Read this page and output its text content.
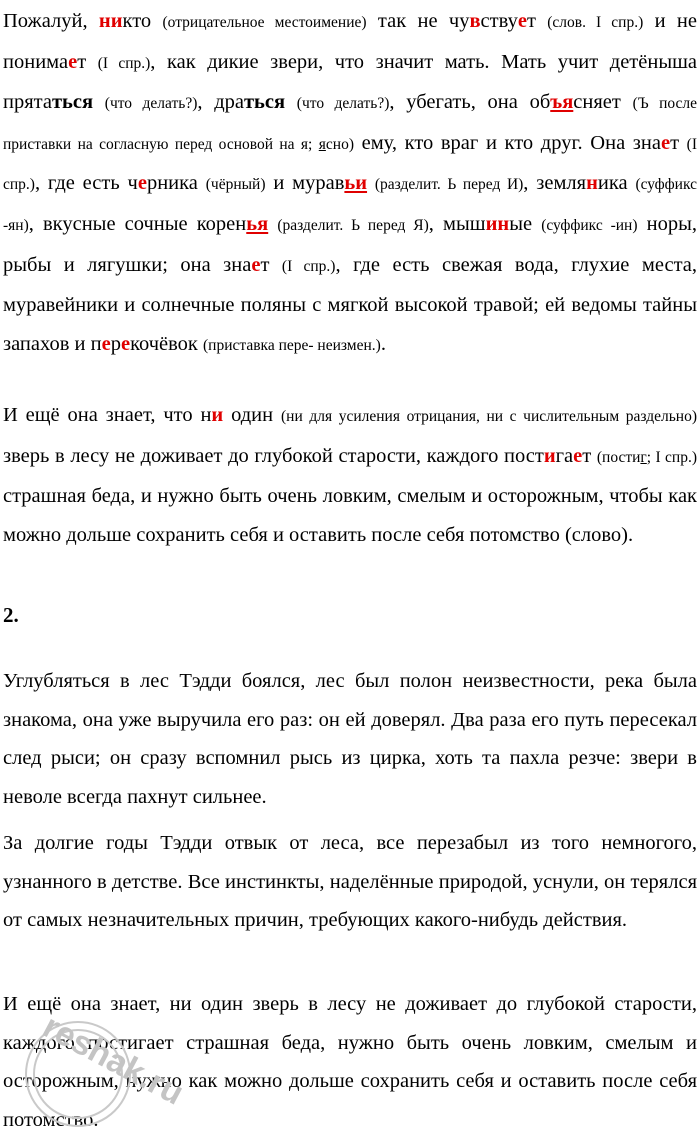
Пожалуй, никто (отрицательное местоимение) так не чувствует (слов. I спр.) и не понимает (I спр.), как дикие звери, что значит мать. Мать учит детёныша прятаться (что делать?), драться (что делать?), убегать, она объясняет (Ъ после приставки на согласную перед основой на я; ясно) ему, кто враг и кто друг. Она знает (I спр.), где есть черника (чёрный) и муравьи (разделит. Ь перед И), земляника (суффикс -ян), вкусные сочные коренья (разделит. Ь перед Я), мышиные (суффикс -ин) норы, рыбы и лягушки; она знает (I спр.), где есть свежая вода, глухие места, муравейники и солнечные поляны с мягкой высокой травой; ей ведомы тайны запахов и перекочёвок (приставка пере- неизмен.).

И ещё она знает, что ни один (ни для усиления отрицания, ни с числительным раздельно) зверь в лесу не доживает до глубокой старости, каждого постигает (постиг; I спр.) страшная беда, и нужно быть очень ловким, смелым и осторожным, чтобы как можно дольше сохранить себя и оставить после себя потомство (слово).

2.

Углубляться в лес Тэдди боялся, лес был полон неизвестности, река была знакома, она уже выручила его раз: он ей доверял. Два раза его путь пересекал след рыси; он сразу вспомнил рысь из цирка, хоть та пахла резче: звери в неволе всегда пахнут сильнее.

За долгие годы Тэдди отвык от леса, все перезабыл из того немногого, узнанного в детстве. Все инстинкты, наделённые природой, уснули, он терялся от самых незначительных причин, требующих какого-нибудь действия.

И ещё она знает, ни один зверь в лесу не доживает до глубокой старости, каждого постигает страшная беда, нужно быть очень ловким, смелым и осторожным, нужно как можно дольше сохранить себя и оставить после себя потомство.

reshak.ru
